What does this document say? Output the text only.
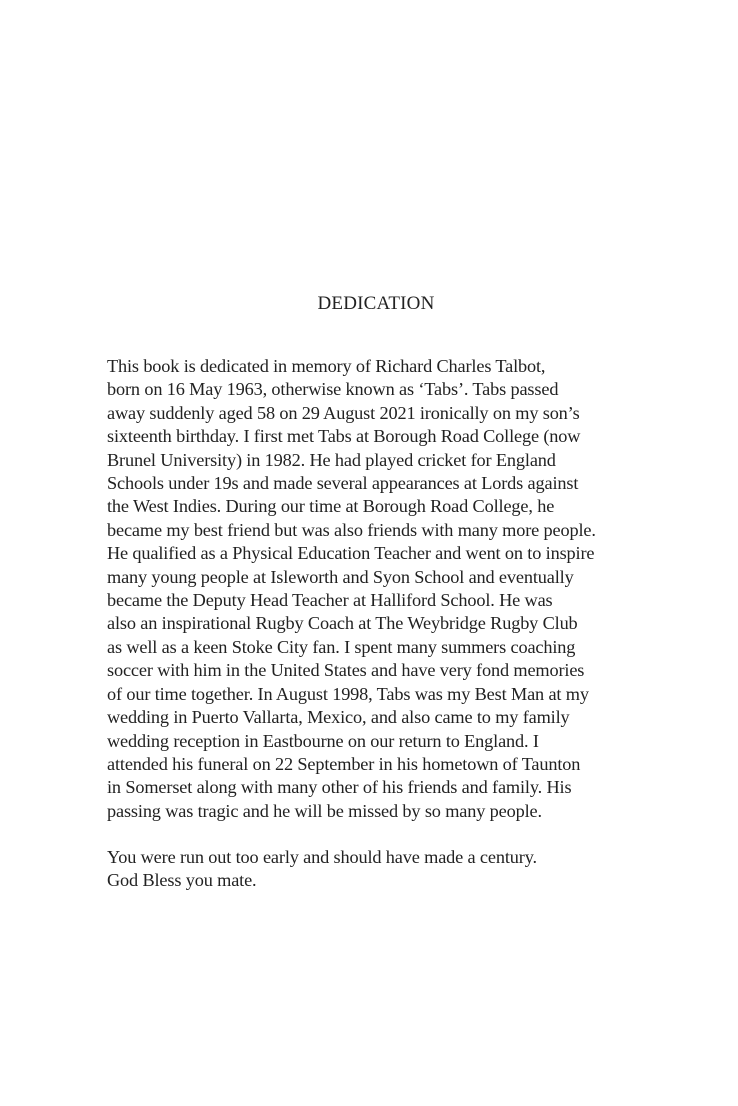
DEDICATION
This book is dedicated in memory of Richard Charles Talbot,
born on 16 May 1963, otherwise known as ‘Tabs’. Tabs passed
away suddenly aged 58 on 29 August 2021 ironically on my son’s
sixteenth birthday. I first met Tabs at Borough Road College (now
Brunel University) in 1982. He had played cricket for England
Schools under 19s and made several appearances at Lords against
the West Indies. During our time at Borough Road College, he
became my best friend but was also friends with many more people.
He qualified as a Physical Education Teacher and went on to inspire
many young people at Isleworth and Syon School and eventually
became the Deputy Head Teacher at Halliford School. He was
also an inspirational Rugby Coach at The Weybridge Rugby Club
as well as a keen Stoke City fan. I spent many summers coaching
soccer with him in the United States and have very fond memories
of our time together. In August 1998, Tabs was my Best Man at my
wedding in Puerto Vallarta, Mexico, and also came to my family
wedding reception in Eastbourne on our return to England. I
attended his funeral on 22 September in his hometown of Taunton
in Somerset along with many other of his friends and family. His
passing was tragic and he will be missed by so many people.
You were run out too early and should have made a century.
God Bless you mate.
